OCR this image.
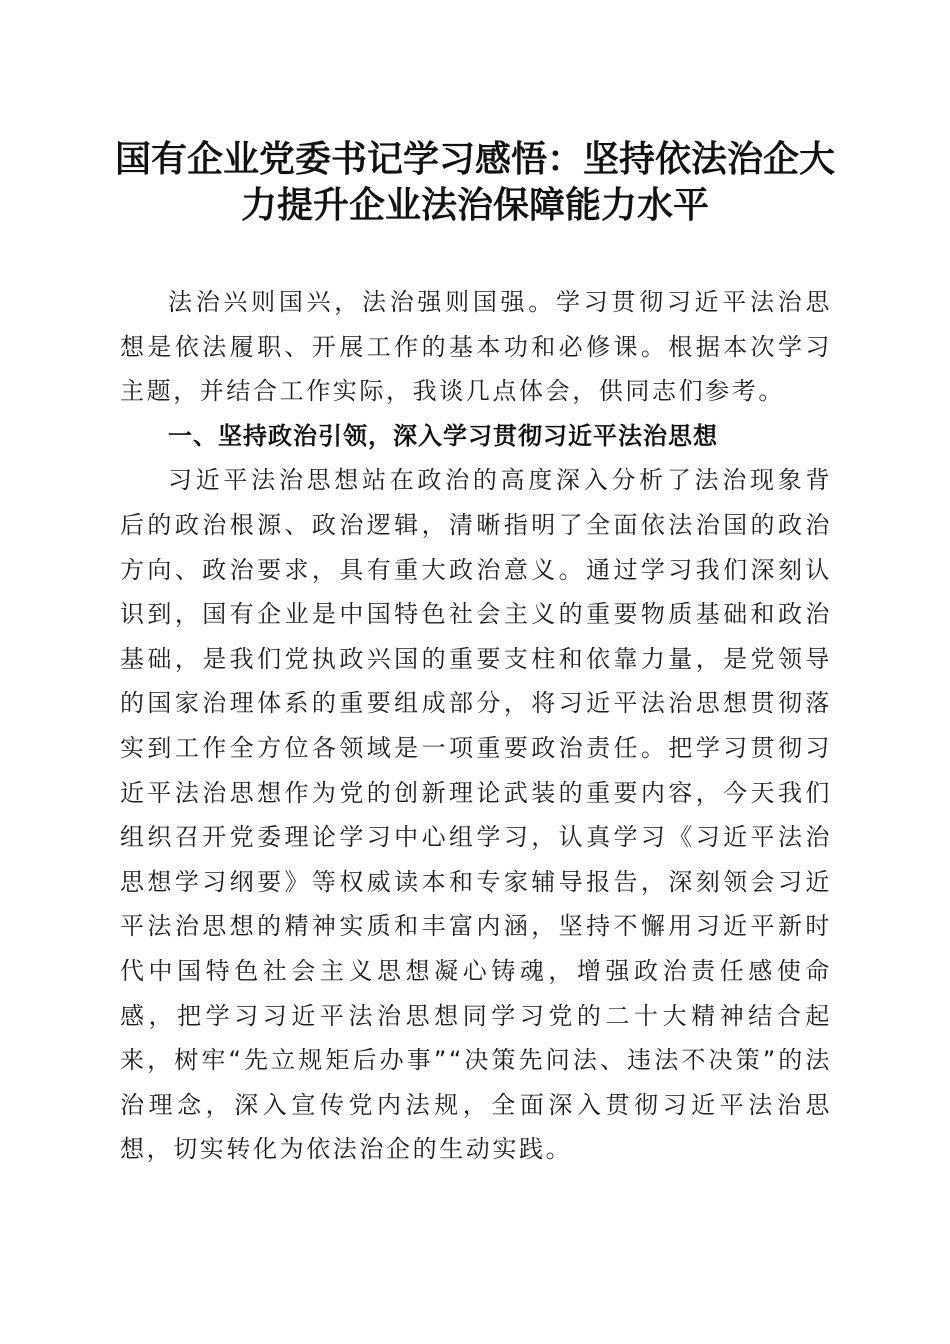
国有企业党委书记学习感悟：坚持依法治企大
力提升企业法治保障能力水平

法治兴则国兴，法治强则国强。学习贯彻习近平法治思想是依法履职、开展工作的基本功和必修课。根据本次学习主题，并结合工作实际，我谈几点体会，供同志们参考。

一、坚持政治引领，深入学习贯彻习近平法治思想

习近平法治思想站在政治的高度深入分析了法治现象背后的政治根源、政治逻辑，清晰指明了全面依法治国的政治方向、政治要求，具有重大政治意义。通过学习我们深刻认识到，国有企业是中国特色社会主义的重要物质基础和政治基础，是我们党执政兴国的重要支柱和依靠力量，是党领导的国家治理体系的重要组成部分，将习近平法治思想贯彻落实到工作全方位各领域是一项重要政治责任。把学习贯彻习近平法治思想作为党的创新理论武装的重要内容，今天我们组织召开党委理论学习中心组学习，认真学习《习近平法治思想学习纲要》等权威读本和专家辅导报告，深刻领会习近平法治思想的精神实质和丰富内涵，坚持不懈用习近平新时代中国特色社会主义思想凝心铸魂，增强政治责任感使命感，把学习习近平法治思想同学习党的二十大精神结合起来，树牢“先立规矩后办事”“决策先问法、违法不决策”的法治理念，深入宣传党内法规，全面深入贯彻习近平法治思想，切实转化为依法治企的生动实践。
